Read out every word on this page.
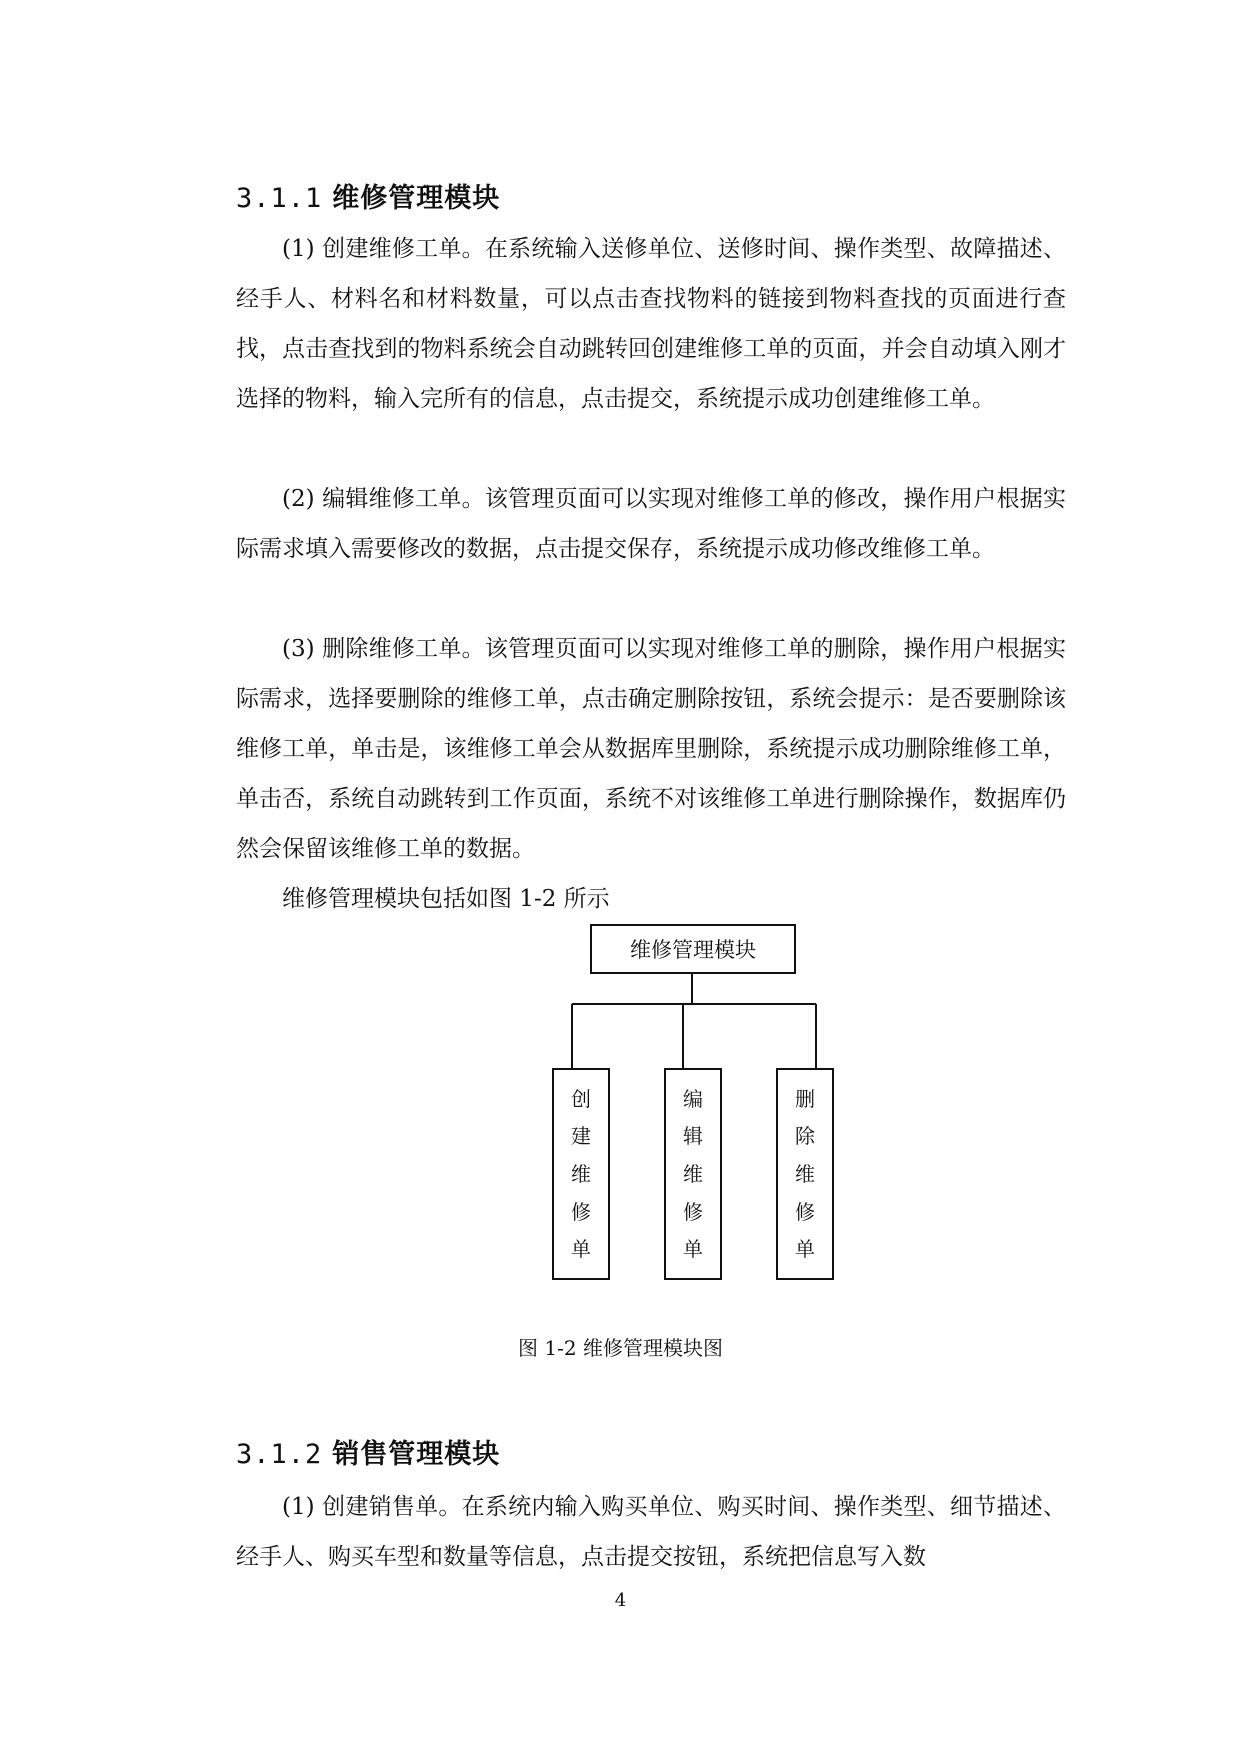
3.1.1 维修管理模块

(1) 创建维修工单。在系统输入送修单位、送修时间、操作类型、故障描述、经手人、材料名和材料数量，可以点击查找物料的链接到物料查找的页面进行查找，点击查找到的物料系统会自动跳转回创建维修工单的页面，并会自动填入刚才选择的物料，输入完所有的信息，点击提交，系统提示成功创建维修工单。

(2) 编辑维修工单。该管理页面可以实现对维修工单的修改，操作用户根据实际需求填入需要修改的数据，点击提交保存，系统提示成功修改维修工单。

(3) 删除维修工单。该管理页面可以实现对维修工单的删除，操作用户根据实际需求，选择要删除的维修工单，点击确定删除按钮，系统会提示：是否要删除该维修工单，单击是，该维修工单会从数据库里删除，系统提示成功删除维修工单，单击否，系统自动跳转到工作页面，系统不对该维修工单进行删除操作，数据库仍然会保留该维修工单的数据。

维修管理模块包括如图 1-2 所示

维修管理模块
创
建
维
修
单
编
辑
维
修
单
删
除
维
修
单

图 1-2 维修管理模块图

3.1.2 销售管理模块

(1) 创建销售单。在系统内输入购买单位、购买时间、操作类型、细节描述、经手人、购买车型和数量等信息，点击提交按钮，系统把信息写入数

4
